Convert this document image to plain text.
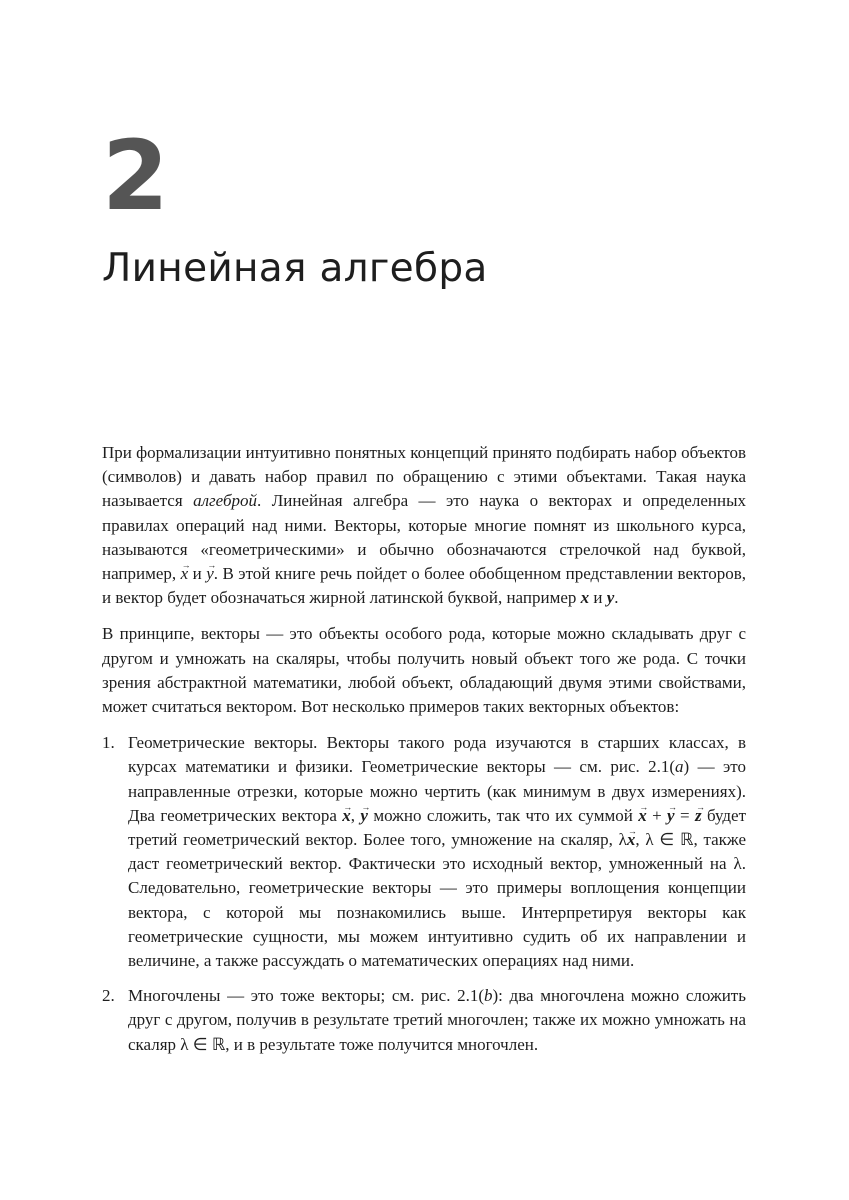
2
Линейная алгебра

При формализации интуитивно понятных концепций принято подбирать набор объектов (символов) и давать набор правил по обращению с этими объектами. Такая наука называется алгеброй. Линейная алгебра — это наука о векторах и определенных правилах операций над ними. Векторы, которые многие помнят из школьного курса, называются «геометрическими» и обычно обозначаются стрелочкой над буквой, например, → x и → y. В этой книге речь пойдет о более обобщенном представлении векторов, и вектор будет обозначаться жирной латинской буквой, например x и y.

В принципе, векторы — это объекты особого рода, которые можно складывать друг с другом и умножать на скаляры, чтобы получить новый объект того же рода. С точки зрения абстрактной математики, любой объект, обладающий двумя этими свойствами, может считаться вектором. Вот несколько примеров таких векторных объектов:

1. Геометрические векторы. Векторы такого рода изучаются в старших классах, в курсах математики и физики. Геометрические векторы — см. рис. 2.1(a) — это направленные отрезки, которые можно чертить (как минимум в двух измерениях). Два геометрических вектора → x, → y можно сложить, так что их суммой → x + → y = → z будет третий геометрический вектор. Более того, умножение на скаляр, λ→ x, λ ∈ ℝ, также даст геометрический вектор. Фактически это исходный вектор, умноженный на λ. Следовательно, геометрические векторы — это примеры воплощения концепции вектора, с которой мы познакомились выше. Интерпретируя векторы как геометрические сущности, мы можем интуитивно судить об их направлении и величине, а также рассуждать о математических операциях над ними.
2. Многочлены — это тоже векторы; см. рис. 2.1(b): два многочлена можно сложить друг с другом, получив в результате третий многочлен; также их можно умножать на скаляр λ ∈ ℝ, и в результате тоже получится многочлен.
